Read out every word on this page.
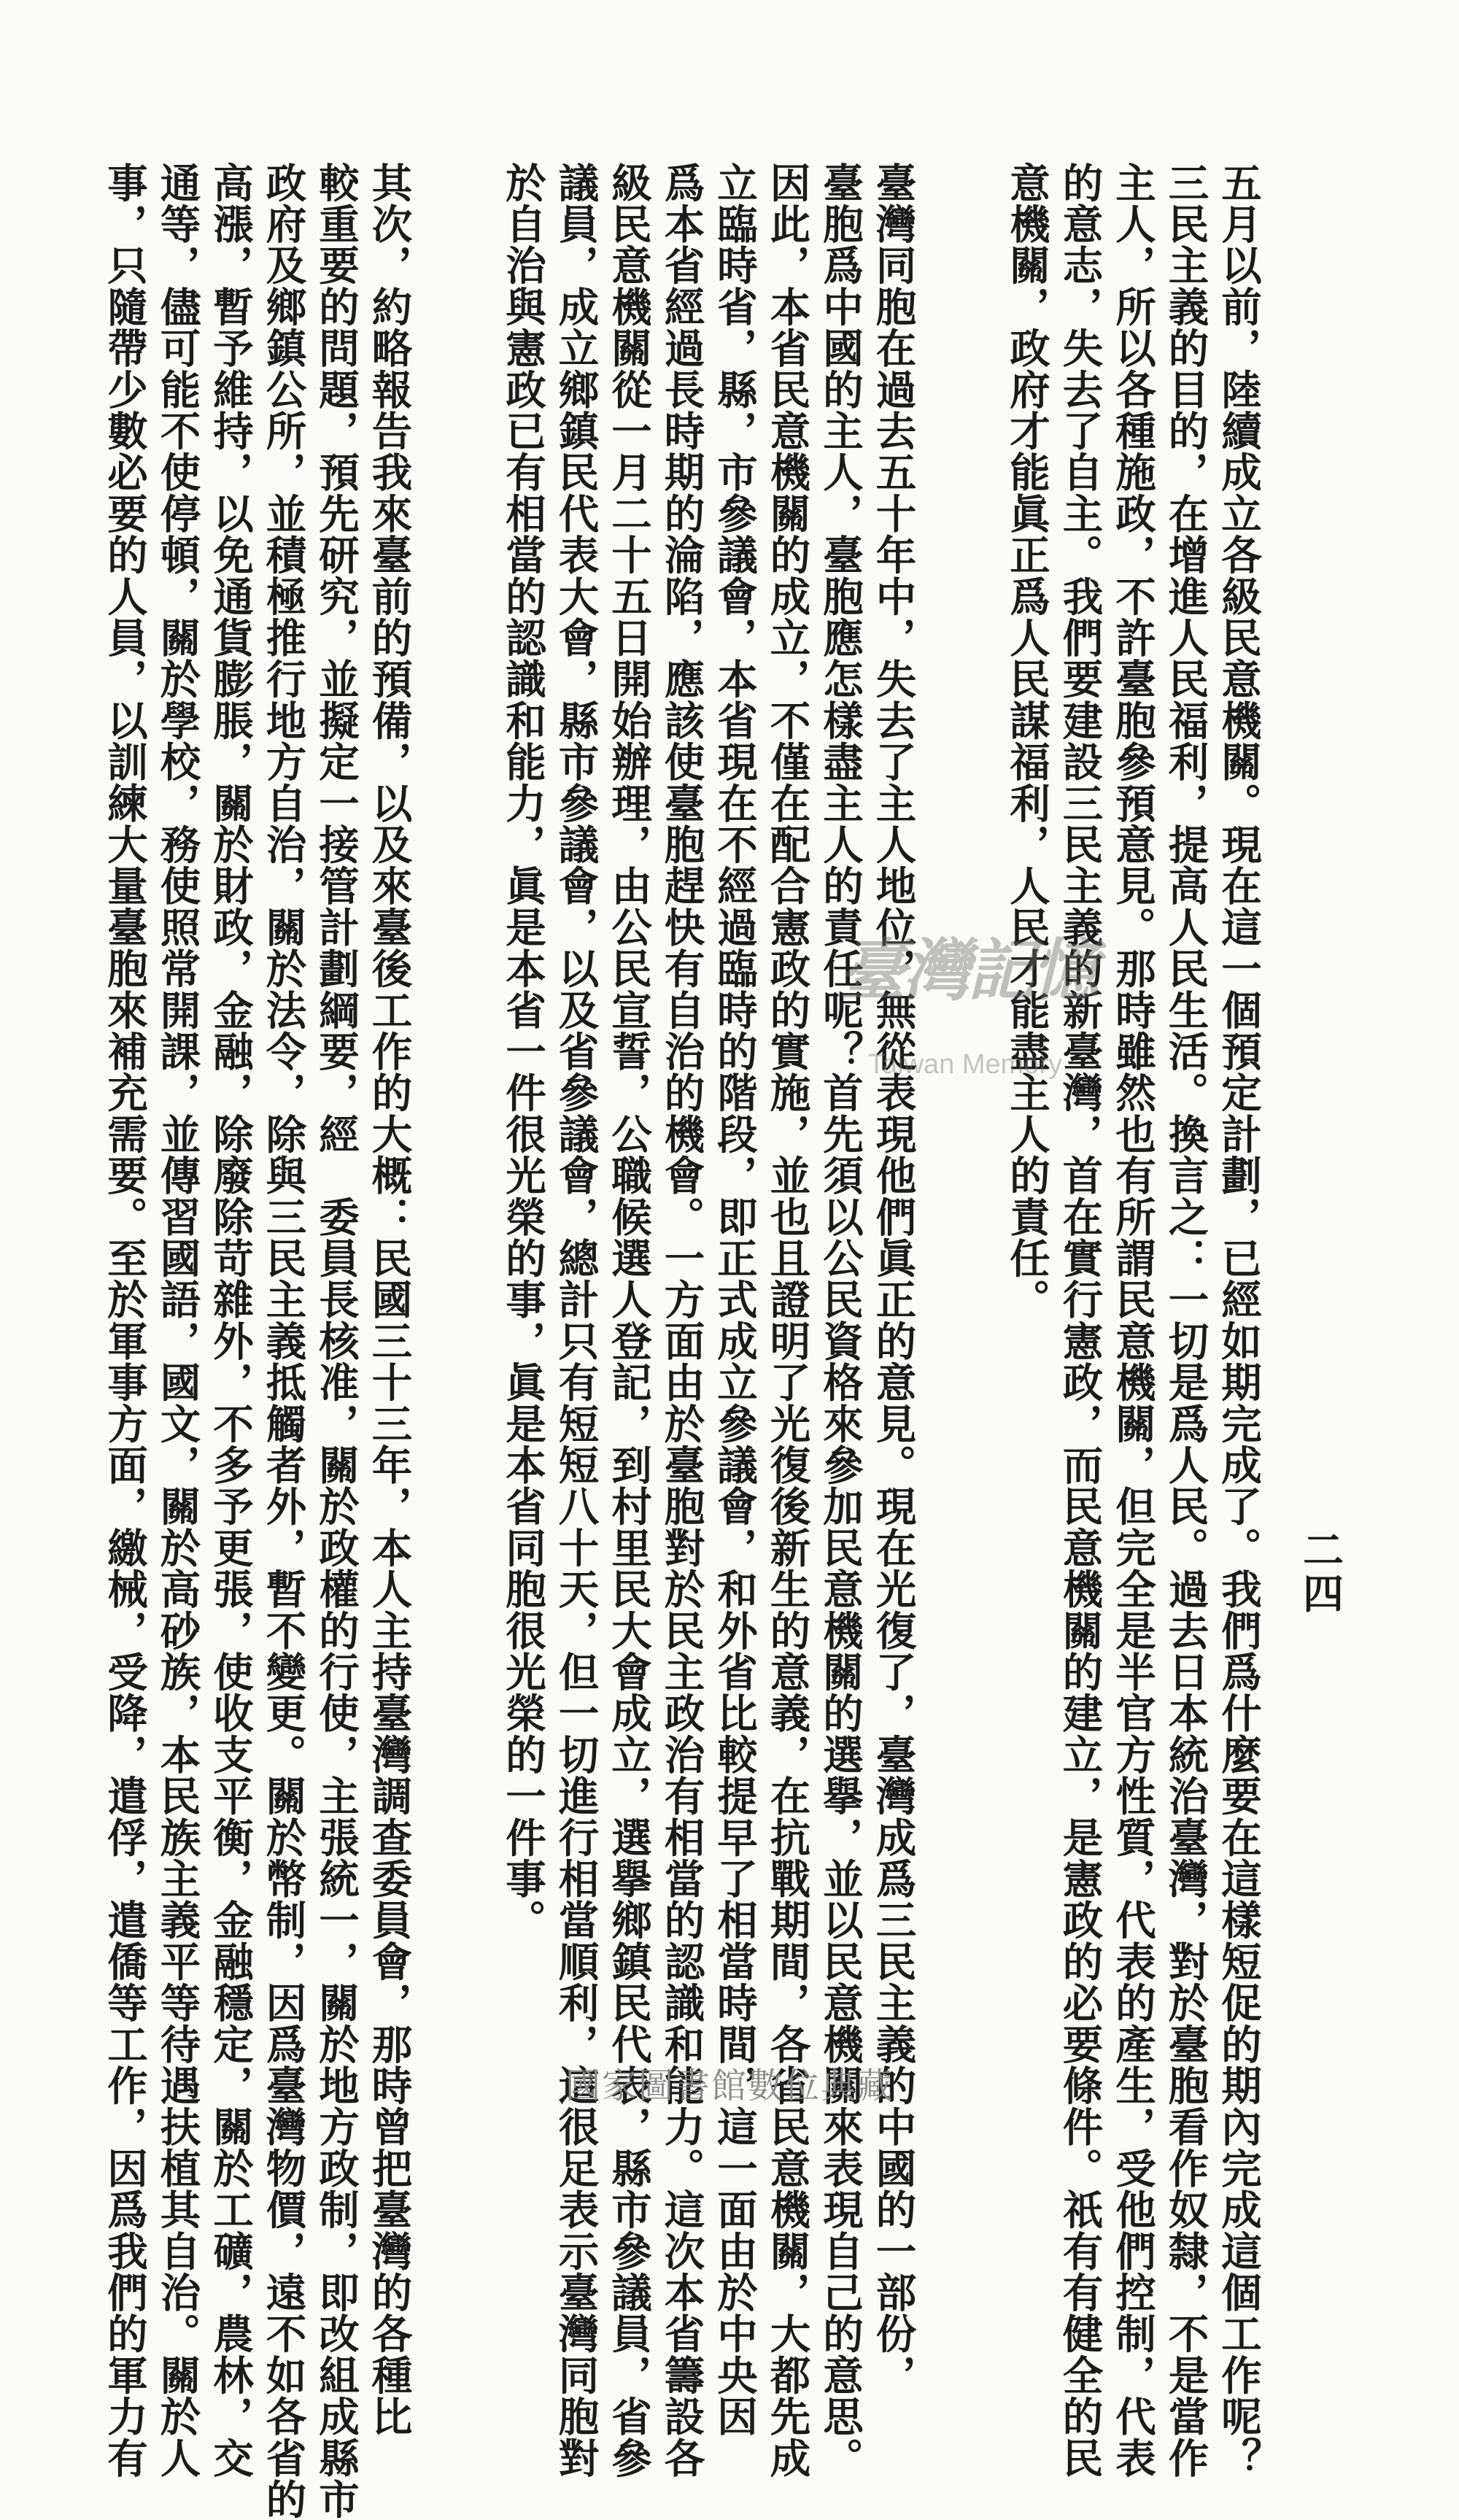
二四

五月以前，陸續成立各級民意機關。現在這一個預定計劃，已經如期完成了。我們爲什麼要在這樣短促的期內完成這個工作呢？

三民主義的目的，在增進人民福利，提高人民生活。換言之：一切是爲人民。過去日本統治臺灣，對於臺胞看作奴隸，不是當作

主人，所以各種施政，不許臺胞參預意見。那時雖然也有所謂民意機關，但完全是半官方性質，代表的產生，受他們控制，代表

的意志，失去了自主。我們要建設三民主義的新臺灣，首在實行憲政，而民意機關的建立，是憲政的必要條件。祇有有健全的民

意機關，政府才能眞正爲人民謀福利，人民才能盡主人的責任。

臺灣同胞在過去五十年中，失去了主人地位，無從表現他們眞正的意見。現在光復了，臺灣成爲三民主義的中國的一部份，

臺胞爲中國的主人，臺胞應怎樣盡主人的責任呢？首先須以公民資格來參加民意機關的選擧，並以民意機關來表現自己的意思。

因此，本省民意機關的成立，不僅在配合憲政的實施，並也且證明了光復後新生的意義，在抗戰期間，各省民意機關，大都先成

立臨時省，縣，市參議會，本省現在不經過臨時的階段，即正式成立參議會，和外省比較提早了相當時間，這一面由於中央因

爲本省經過長時期的淪陷，應該使臺胞趕快有自治的機會。一方面由於臺胞對於民主政治有相當的認識和能力。這次本省籌設各

級民意機關從一月二十五日開始辦理，由公民宣誓，公職候選人登記，到村里民大會成立，選擧鄉鎮民代表，縣市參議員，省參

議員，成立鄉鎮民代表大會，縣市參議會，以及省參議會，總計只有短短八十天，但一切進行相當順利，這很足表示臺灣同胞對

於自治與憲政已有相當的認識和能力，眞是本省一件很光榮的事，眞是本省同胞很光榮的一件事。

其次，約略報告我來臺前的預備，以及來臺後工作的大概：民國三十三年，本人主持臺灣調查委員會，那時曾把臺灣的各種比

較重要的問題，預先研究，並擬定一接管計劃綱要，經　委員長核准，關於政權的行使，主張統一，關於地方政制，即改組成縣市

政府及鄉鎮公所，並積極推行地方自治，關於法令，除與三民主義抵觸者外，暫不變更。關於幣制，因爲臺灣物價，遠不如各省的

高漲，暫予維持，以免通貨膨脹，關於財政，金融，除廢除苛雜外，不多予更張，使收支平衡，金融穩定，關於工礦，農林，交

通等，儘可能不使停頓，關於學校，務使照常開課，並傳習國語，國文，關於高砂族，本民族主義平等待遇扶植其自治。關於人

事，只隨帶少數必要的人員，以訓練大量臺胞來補充需要。至於軍事方面，繳械，受降，遣俘，遣僑等工作，因爲我們的軍力有	臺灣記憶
Taiwan Memory
國家圖書館數位典藏
